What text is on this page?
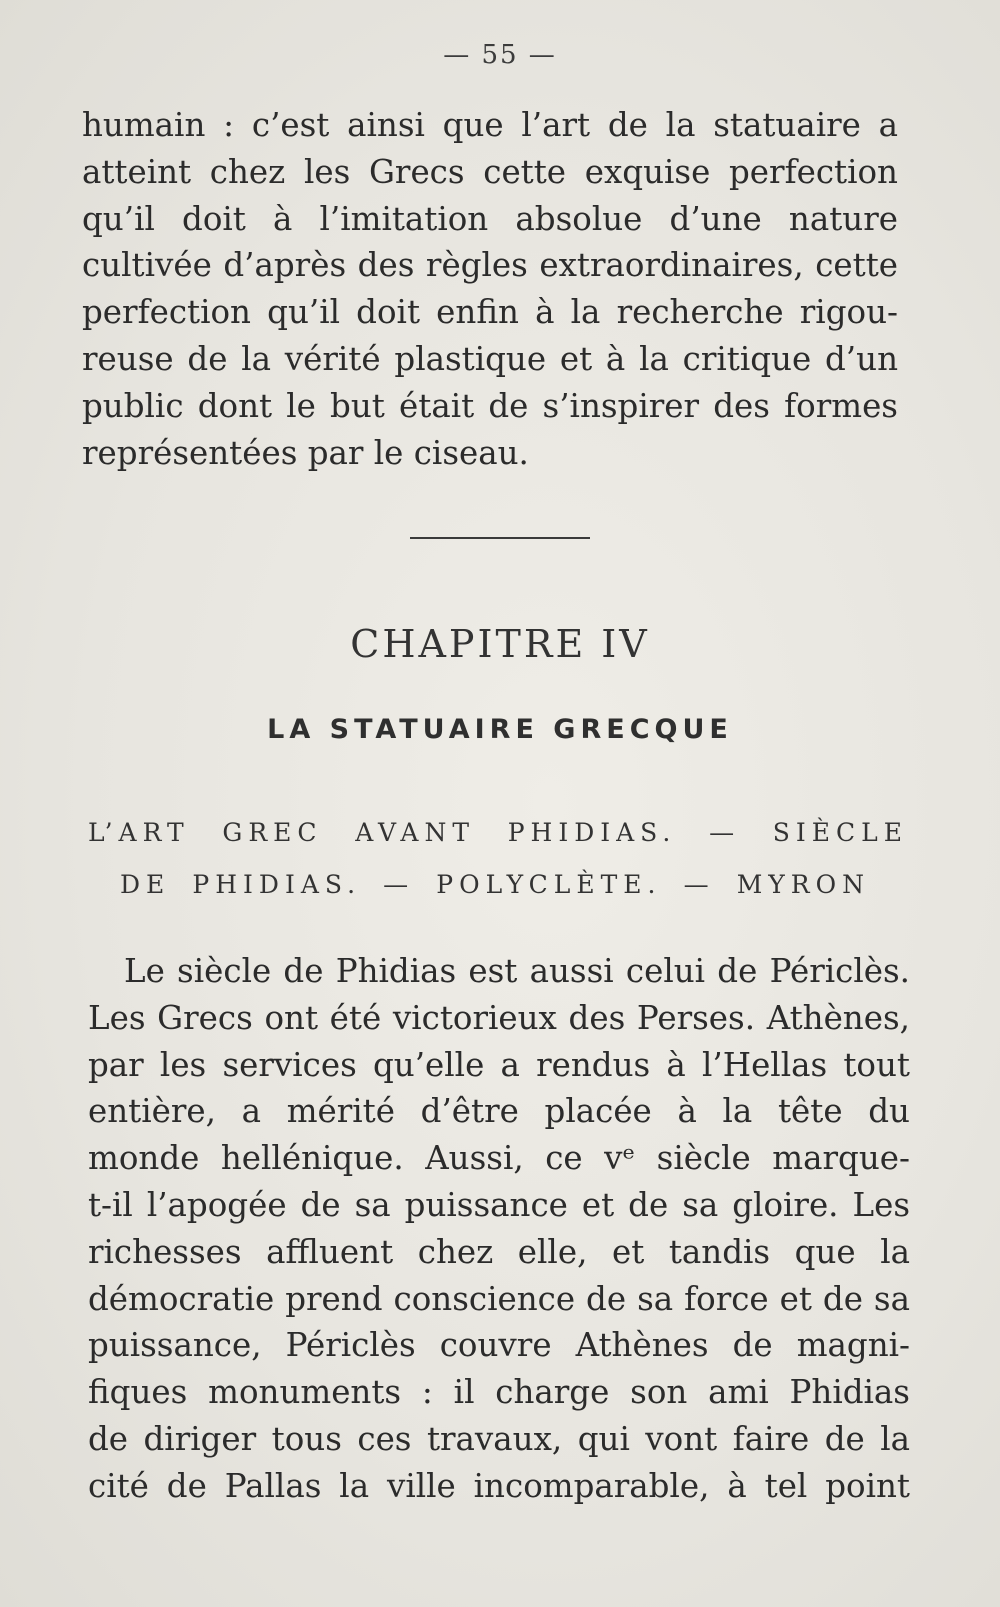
— 55 —
humain : c’est ainsi que l’art de la statuaire a
atteint chez les Grecs cette exquise perfection
qu’il doit à l’imitation absolue d’une nature
cultivée d’après des règles extraordinaires, cette
perfection qu’il doit enfin à la recherche rigou-
reuse de la vérité plastique et à la critique d’un
public dont le but était de s’inspirer des formes
représentées par le ciseau.
CHAPITRE IV
LA STATUAIRE GRECQUE
L’ART GREC AVANT PHIDIAS. — SIÈCLE
DE PHIDIAS. — POLYCLÈTE. — MYRON
Le siècle de Phidias est aussi celui de Périclès.
Les Grecs ont été victorieux des Perses. Athènes,
par les services qu’elle a rendus à l’Hellas tout
entière, a mérité d’être placée à la tête du
monde hellénique. Aussi, ce vᵉ siècle marque-
t-il l’apogée de sa puissance et de sa gloire. Les
richesses affluent chez elle, et tandis que la
démocratie prend conscience de sa force et de sa
puissance, Périclès couvre Athènes de magni-
fiques monuments : il charge son ami Phidias
de diriger tous ces travaux, qui vont faire de la
cité de Pallas la ville incomparable, à tel point
